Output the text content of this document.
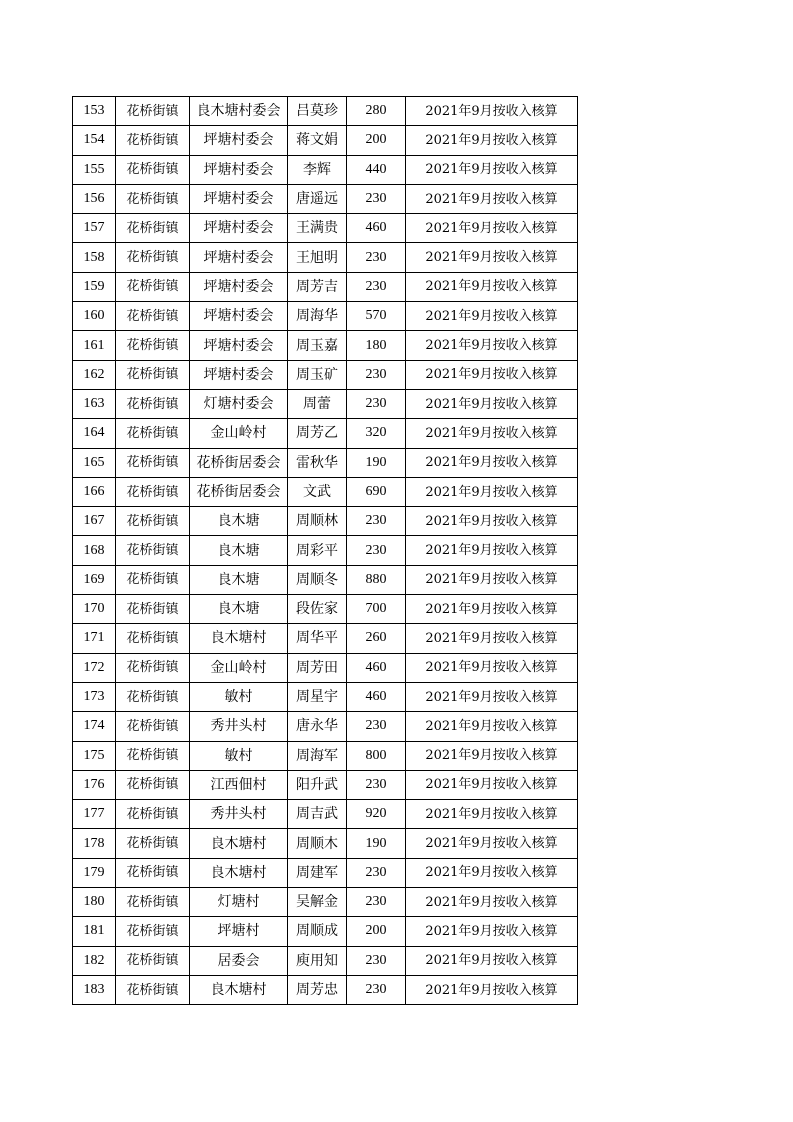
153	花桥街镇	良木塘村委会	吕莫珍	280	2021年9月按收入核算
154	花桥街镇	坪塘村委会	蒋文娟	200	2021年9月按收入核算
155	花桥街镇	坪塘村委会	李辉	440	2021年9月按收入核算
156	花桥街镇	坪塘村委会	唐遥远	230	2021年9月按收入核算
157	花桥街镇	坪塘村委会	王满贵	460	2021年9月按收入核算
158	花桥街镇	坪塘村委会	王旭明	230	2021年9月按收入核算
159	花桥街镇	坪塘村委会	周芳吉	230	2021年9月按收入核算
160	花桥街镇	坪塘村委会	周海华	570	2021年9月按收入核算
161	花桥街镇	坪塘村委会	周玉嘉	180	2021年9月按收入核算
162	花桥街镇	坪塘村委会	周玉矿	230	2021年9月按收入核算
163	花桥街镇	灯塘村委会	周蕾	230	2021年9月按收入核算
164	花桥街镇	金山岭村	周芳乙	320	2021年9月按收入核算
165	花桥街镇	花桥街居委会	雷秋华	190	2021年9月按收入核算
166	花桥街镇	花桥街居委会	文武	690	2021年9月按收入核算
167	花桥街镇	良木塘	周顺林	230	2021年9月按收入核算
168	花桥街镇	良木塘	周彩平	230	2021年9月按收入核算
169	花桥街镇	良木塘	周顺冬	880	2021年9月按收入核算
170	花桥街镇	良木塘	段佐家	700	2021年9月按收入核算
171	花桥街镇	良木塘村	周华平	260	2021年9月按收入核算
172	花桥街镇	金山岭村	周芳田	460	2021年9月按收入核算
173	花桥街镇	敏村	周星宇	460	2021年9月按收入核算
174	花桥街镇	秀井头村	唐永华	230	2021年9月按收入核算
175	花桥街镇	敏村	周海军	800	2021年9月按收入核算
176	花桥街镇	江西佃村	阳升武	230	2021年9月按收入核算
177	花桥街镇	秀井头村	周吉武	920	2021年9月按收入核算
178	花桥街镇	良木塘村	周顺木	190	2021年9月按收入核算
179	花桥街镇	良木塘村	周建军	230	2021年9月按收入核算
180	花桥街镇	灯塘村	吴解金	230	2021年9月按收入核算
181	花桥街镇	坪塘村	周顺成	200	2021年9月按收入核算
182	花桥街镇	居委会	庾用知	230	2021年9月按收入核算
183	花桥街镇	良木塘村	周芳忠	230	2021年9月按收入核算
